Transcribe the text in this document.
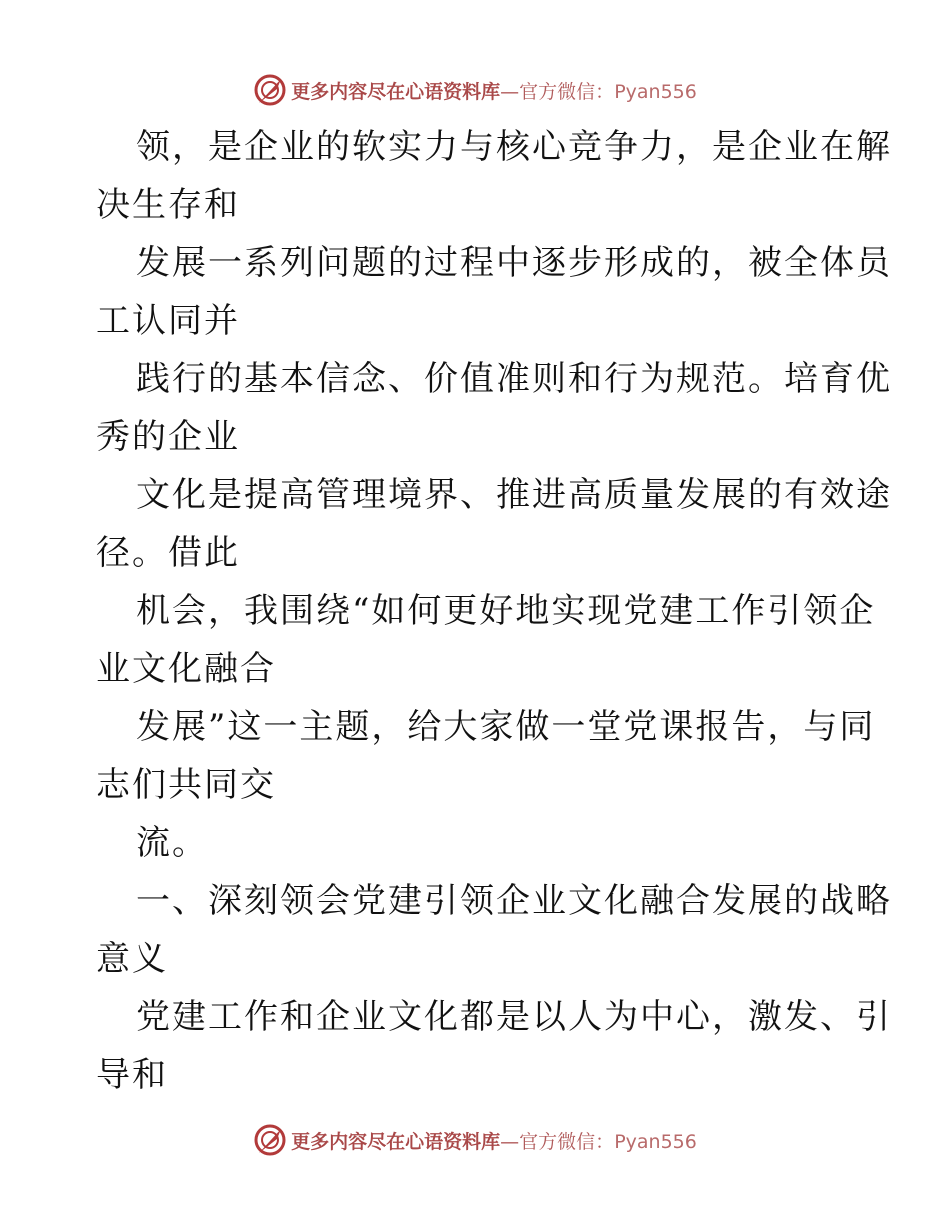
更多内容尽在心语资料库—官方微信：Pyan556
领，是企业的软实力与核心竞争力，是企业在解
决生存和
发展一系列问题的过程中逐步形成的，被全体员
工认同并
践行的基本信念、价值准则和行为规范。培育优
秀的企业
文化是提高管理境界、推进高质量发展的有效途
径。借此
机会，我围绕“如何更好地实现党建工作引领企
业文化融合
发展”这一主题，给大家做一堂党课报告，与同
志们共同交
流。
一、深刻领会党建引领企业文化融合发展的战略
意义
党建工作和企业文化都是以人为中心，激发、引
导和
更多内容尽在心语资料库—官方微信：Pyan556
